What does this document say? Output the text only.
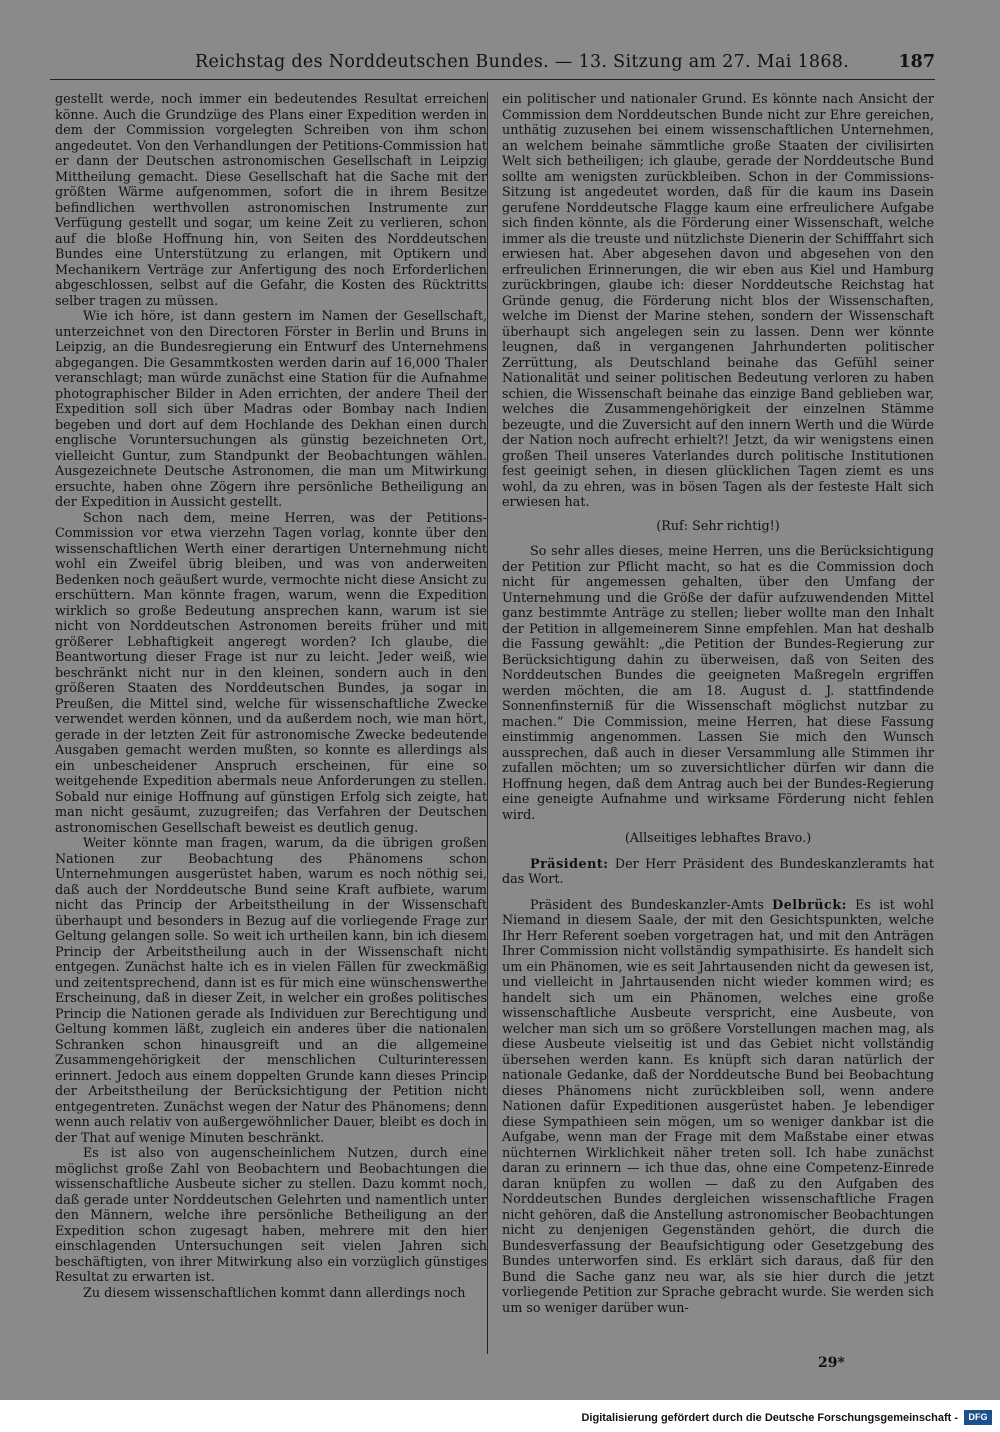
Reichstag des Norddeutschen Bundes. — 13. Sitzung am 27. Mai 1868.	187

gestellt werde, noch immer ein bedeutendes Resultat erreichen könne. Auch die Grundzüge des Plans einer Expedition werden in dem der Commission vorgelegten Schreiben von ihm schon angedeutet. Von den Verhandlungen der Petitions-Commission hat er dann der Deutschen astronomischen Gesellschaft in Leipzig Mittheilung gemacht. Diese Gesellschaft hat die Sache mit der größten Wärme aufgenommen, sofort die in ihrem Besitze befindlichen werthvollen astronomischen Instrumente zur Verfügung gestellt und sogar, um keine Zeit zu verlieren, schon auf die bloße Hoffnung hin, von Seiten des Norddeutschen Bundes eine Unterstützung zu erlangen, mit Optikern und Mechanikern Verträge zur Anfertigung des noch Erforderlichen abgeschlossen, selbst auf die Gefahr, die Kosten des Rücktritts selber tragen zu müssen.

Wie ich höre, ist dann gestern im Namen der Gesellschaft, unterzeichnet von den Directoren Förster in Berlin und Bruns in Leipzig, an die Bundesregierung ein Entwurf des Unternehmens abgegangen. Die Gesammtkosten werden darin auf 16,000 Thaler veranschlagt; man würde zunächst eine Station für die Aufnahme photographischer Bilder in Aden errichten, der andere Theil der Expedition soll sich über Madras oder Bombay nach Indien begeben und dort auf dem Hochlande des Dekhan einen durch englische Voruntersuchungen als günstig bezeichneten Ort, vielleicht Guntur, zum Standpunkt der Beobachtungen wählen. Ausgezeichnete Deutsche Astronomen, die man um Mitwirkung ersuchte, haben ohne Zögern ihre persönliche Betheiligung an der Expedition in Aussicht gestellt.

Schon nach dem, meine Herren, was der Petitions-Commission vor etwa vierzehn Tagen vorlag, konnte über den wissenschaftlichen Werth einer derartigen Unternehmung nicht wohl ein Zweifel übrig bleiben, und was von anderweiten Bedenken noch geäußert wurde, vermochte nicht diese Ansicht zu erschüttern. Man könnte fragen, warum, wenn die Expedition wirklich so große Bedeutung ansprechen kann, warum ist sie nicht von Norddeutschen Astronomen bereits früher und mit größerer Lebhaftigkeit angeregt worden? Ich glaube, die Beantwortung dieser Frage ist nur zu leicht. Jeder weiß, wie beschränkt nicht nur in den kleinen, sondern auch in den größeren Staaten des Norddeutschen Bundes, ja sogar in Preußen, die Mittel sind, welche für wissenschaftliche Zwecke verwendet werden können, und da außerdem noch, wie man hört, gerade in der letzten Zeit für astronomische Zwecke bedeutende Ausgaben gemacht werden mußten, so konnte es allerdings als ein unbescheidener Anspruch erscheinen, für eine so weitgehende Expedition abermals neue Anforderungen zu stellen. Sobald nur einige Hoffnung auf günstigen Erfolg sich zeigte, hat man nicht gesäumt, zuzugreifen; das Verfahren der Deutschen astronomischen Gesellschaft beweist es deutlich genug.

Weiter könnte man fragen, warum, da die übrigen großen Nationen zur Beobachtung des Phänomens schon Unternehmungen ausgerüstet haben, warum es noch nöthig sei, daß auch der Norddeutsche Bund seine Kraft aufbiete, warum nicht das Princip der Arbeitstheilung in der Wissenschaft überhaupt und besonders in Bezug auf die vorliegende Frage zur Geltung gelangen solle. So weit ich urtheilen kann, bin ich diesem Princip der Arbeitstheilung auch in der Wissenschaft nicht entgegen. Zunächst halte ich es in vielen Fällen für zweckmäßig und zeitentsprechend, dann ist es für mich eine wünschenswerthe Erscheinung, daß in dieser Zeit, in welcher ein großes politisches Princip die Nationen gerade als Individuen zur Berechtigung und Geltung kommen läßt, zugleich ein anderes über die nationalen Schranken schon hinausgreift und an die allgemeine Zusammengehörigkeit der menschlichen Culturinteressen erinnert. Jedoch aus einem doppelten Grunde kann dieses Princip der Arbeitstheilung der Berücksichtigung der Petition nicht entgegentreten. Zunächst wegen der Natur des Phänomens; denn wenn auch relativ von außergewöhnlicher Dauer, bleibt es doch in der That auf wenige Minuten beschränkt.

Es ist also von augenscheinlichem Nutzen, durch eine möglichst große Zahl von Beobachtern und Beobachtungen die wissenschaftliche Ausbeute sicher zu stellen. Dazu kommt noch, daß gerade unter Norddeutschen Gelehrten und namentlich unter den Männern, welche ihre persönliche Betheiligung an der Expedition schon zugesagt haben, mehrere mit den hier einschlagenden Untersuchungen seit vielen Jahren sich beschäftigten, von ihrer Mitwirkung also ein vorzüglich günstiges Resultat zu erwarten ist.

Zu diesem wissenschaftlichen kommt dann allerdings noch

ein politischer und nationaler Grund. Es könnte nach Ansicht der Commission dem Norddeutschen Bunde nicht zur Ehre gereichen, unthätig zuzusehen bei einem wissenschaftlichen Unternehmen, an welchem beinahe sämmtliche große Staaten der civilisirten Welt sich betheiligen; ich glaube, gerade der Norddeutsche Bund sollte am wenigsten zurückbleiben. Schon in der Commissions-Sitzung ist angedeutet worden, daß für die kaum ins Dasein gerufene Norddeutsche Flagge kaum eine erfreulichere Aufgabe sich finden könnte, als die Förderung einer Wissenschaft, welche immer als die treuste und nützlichste Dienerin der Schifffahrt sich erwiesen hat. Aber abgesehen davon und abgesehen von den erfreulichen Erinnerungen, die wir eben aus Kiel und Hamburg zurückbringen, glaube ich: dieser Norddeutsche Reichstag hat Gründe genug, die Förderung nicht blos der Wissenschaften, welche im Dienst der Marine stehen, sondern der Wissenschaft überhaupt sich angelegen sein zu lassen. Denn wer könnte leugnen, daß in vergangenen Jahrhunderten politischer Zerrüttung, als Deutschland beinahe das Gefühl seiner Nationalität und seiner politischen Bedeutung verloren zu haben schien, die Wissenschaft beinahe das einzige Band geblieben war, welches die Zusammengehörigkeit der einzelnen Stämme bezeugte, und die Zuversicht auf den innern Werth und die Würde der Nation noch aufrecht erhielt?! Jetzt, da wir wenigstens einen großen Theil unseres Vaterlandes durch politische Institutionen fest geeinigt sehen, in diesen glücklichen Tagen ziemt es uns wohl, da zu ehren, was in bösen Tagen als der festeste Halt sich erwiesen hat.

(Ruf: Sehr richtig!)

So sehr alles dieses, meine Herren, uns die Berücksichtigung der Petition zur Pflicht macht, so hat es die Commission doch nicht für angemessen gehalten, über den Umfang der Unternehmung und die Größe der dafür aufzuwendenden Mittel ganz bestimmte Anträge zu stellen; lieber wollte man den Inhalt der Petition in allgemeinerem Sinne empfehlen. Man hat deshalb die Fassung gewählt: „die Petition der Bundes-Regierung zur Berücksichtigung dahin zu überweisen, daß von Seiten des Norddeutschen Bundes die geeigneten Maßregeln ergriffen werden möchten, die am 18. August d. J. stattfindende Sonnenfinsterniß für die Wissenschaft möglichst nutzbar zu machen.“ Die Commission, meine Herren, hat diese Fassung einstimmig angenommen. Lassen Sie mich den Wunsch aussprechen, daß auch in dieser Versammlung alle Stimmen ihr zufallen möchten; um so zuversichtlicher dürfen wir dann die Hoffnung hegen, daß dem Antrag auch bei der Bundes-Regierung eine geneigte Aufnahme und wirksame Förderung nicht fehlen wird.

(Allseitiges lebhaftes Bravo.)

Präsident: Der Herr Präsident des Bundeskanzleramts hat das Wort.

Präsident des Bundeskanzler-Amts Delbrück: Es ist wohl Niemand in diesem Saale, der mit den Gesichtspunkten, welche Ihr Herr Referent soeben vorgetragen hat, und mit den Anträgen Ihrer Commission nicht vollständig sympathisirte. Es handelt sich um ein Phänomen, wie es seit Jahrtausenden nicht da gewesen ist, und vielleicht in Jahrtausenden nicht wieder kommen wird; es handelt sich um ein Phänomen, welches eine große wissenschaftliche Ausbeute verspricht, eine Ausbeute, von welcher man sich um so größere Vorstellungen machen mag, als diese Ausbeute vielseitig ist und das Gebiet nicht vollständig übersehen werden kann. Es knüpft sich daran natürlich der nationale Gedanke, daß der Norddeutsche Bund bei Beobachtung dieses Phänomens nicht zurückbleiben soll, wenn andere Nationen dafür Expeditionen ausgerüstet haben. Je lebendiger diese Sympathieen sein mögen, um so weniger dankbar ist die Aufgabe, wenn man der Frage mit dem Maßstabe einer etwas nüchternen Wirklichkeit näher treten soll. Ich habe zunächst daran zu erinnern — ich thue das, ohne eine Competenz-Einrede daran knüpfen zu wollen — daß zu den Aufgaben des Norddeutschen Bundes dergleichen wissenschaftliche Fragen nicht gehören, daß die Anstellung astronomischer Beobachtungen nicht zu denjenigen Gegenständen gehört, die durch die Bundesverfassung der Beaufsichtigung oder Gesetzgebung des Bundes unterworfen sind. Es erklärt sich daraus, daß für den Bund die Sache ganz neu war, als sie hier durch die jetzt vorliegende Petition zur Sprache gebracht wurde. Sie werden sich um so weniger darüber wun-

29*
Digitalisierung gefördert durch die Deutsche Forschungsgemeinschaft -	DFG
